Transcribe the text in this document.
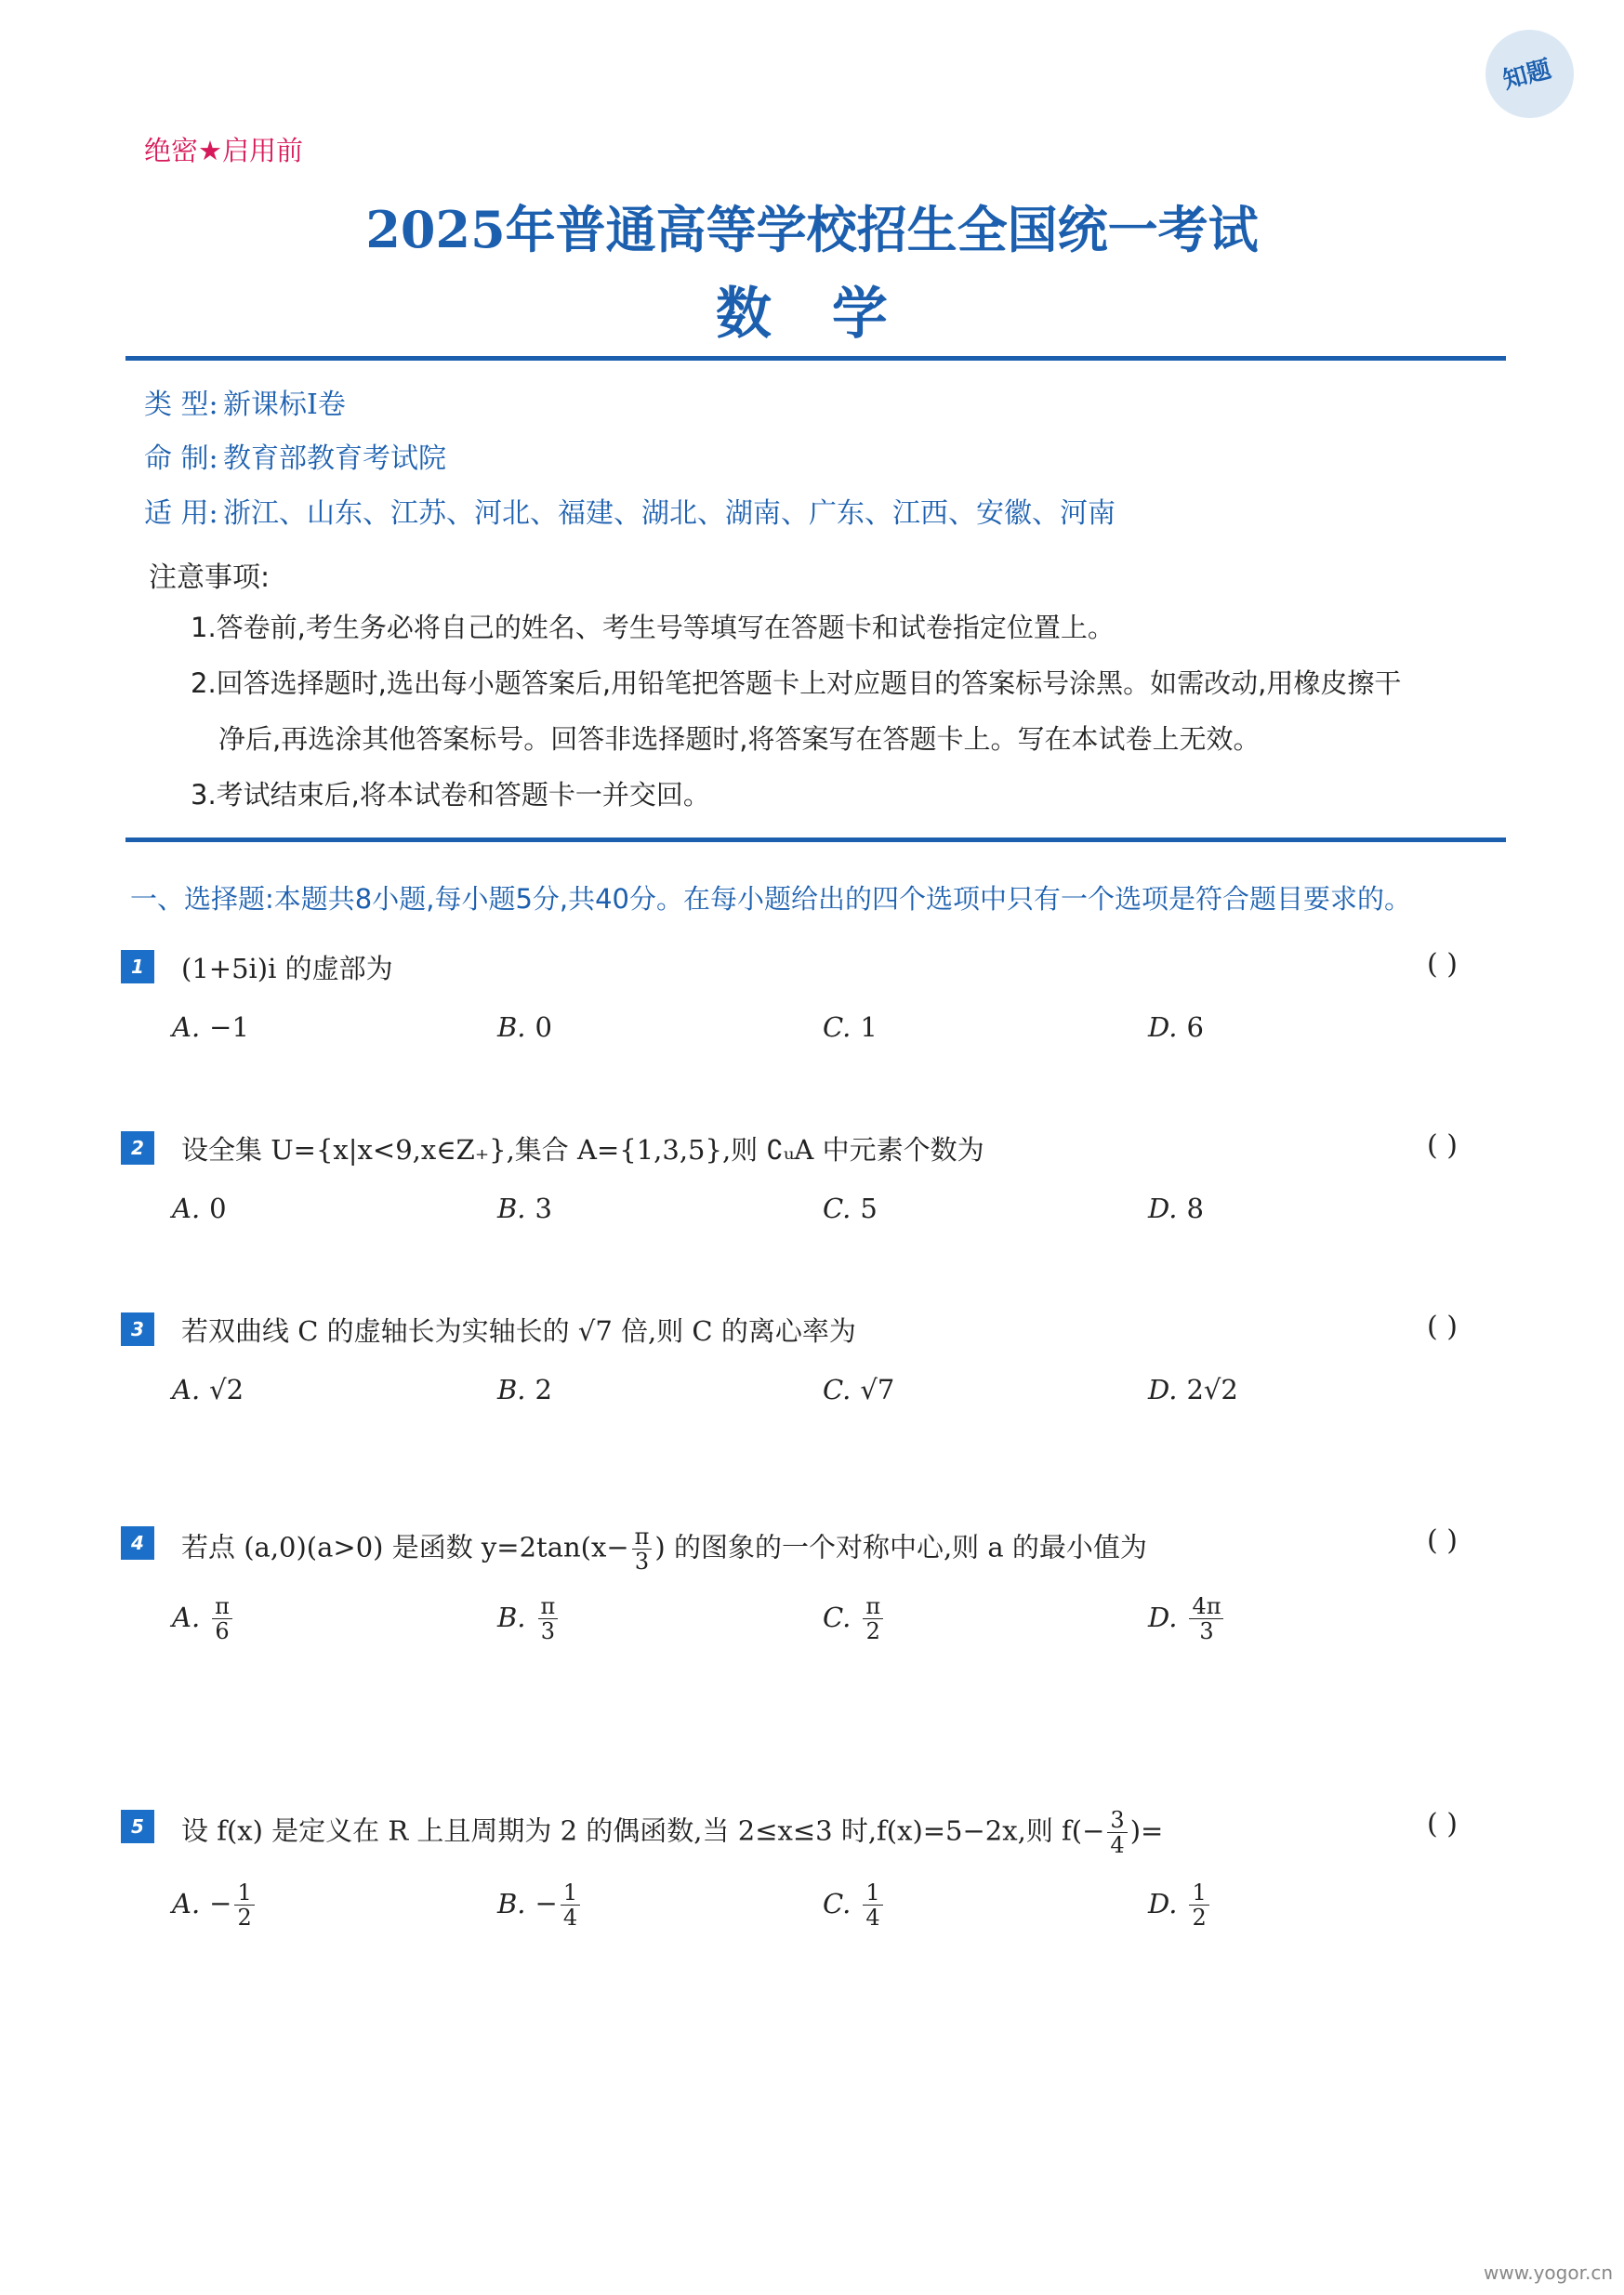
知题
绝密★启用前
2025年普通高等学校招生全国统一考试
数 学
类 型: 新课标Ⅰ卷
命 制: 教育部教育考试院
适 用: 浙江、山东、江苏、河北、福建、湖北、湖南、广东、江西、安徽、河南
注意事项:
1.答卷前,考生务必将自己的姓名、考生号等填写在答题卡和试卷指定位置上。
2.回答选择题时,选出每小题答案后,用铅笔把答题卡上对应题目的答案标号涂黑。如需改动,用橡皮擦干
净后,再选涂其他答案标号。回答非选择题时,将答案写在答题卡上。写在本试卷上无效。
3.考试结束后,将本试卷和答题卡一并交回。
一、选择题:本题共8小题,每小题5分,共40分。在每小题给出的四个选项中只有一个选项是符合题目要求的。
1	(1+5i)i 的虚部为	( )
A. −1	B. 0	C. 1	D. 6
2	设全集 U={x|x<9,x∈Z₊},集合 A={1,3,5},则 ∁ᵤA 中元素个数为	( )
A. 0	B. 3	C. 5	D. 8
3	若双曲线 C 的虚轴长为实轴长的 √7 倍,则 C 的离心率为	( )
A. √2	B. 2	C. √7	D. 2√2
4	若点 (a,0)(a>0) 是函数 $y=2\tan(x- \frac{\pi}{3}$ ) 的图象的一个对称中心,则 a 的最小值为	( )
A. $\frac{\pi}{6}$	B. $\frac{\pi}{3}$	C. $\frac{\pi}{2}$	D. $\frac{4\pi}{3}$
5	设 f(x) 是定义在 R 上且周期为 2 的偶函数,当 2≤x≤3 时,f(x)=5−2x,则 $f(- \frac{3}{4}$ )=	( )
A. − $\frac{1}{2}$	B. − $\frac{1}{4}$	C. $\frac{1}{4}$	D. $\frac{1}{2}$
www.yogor.cn
